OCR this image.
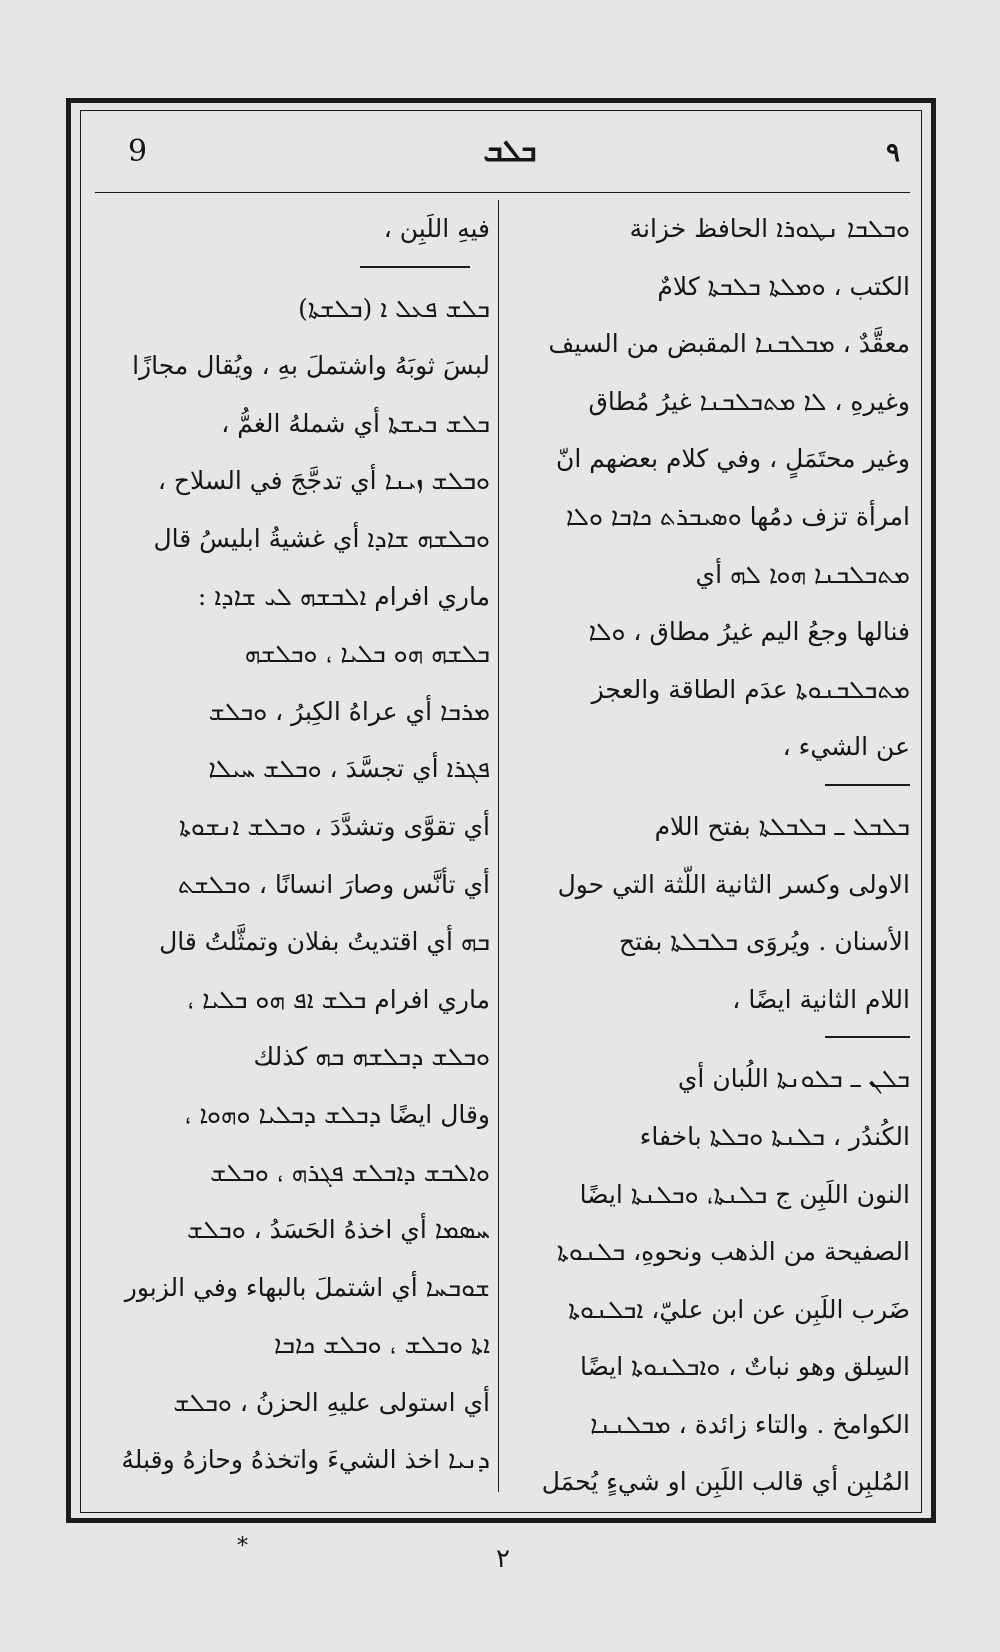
9	ܒܠܒ	٩
ܘܒܠܒܐ ܢܛܘܪܐ الحافظ خزانة
الكتب ، ܘܡܠܬܐ ܒܠܒܬܐ كلامٌ
معقَّدٌ ، ܡܒܠܒܢܐ المقبض من السيف
وغيرهِ ، ܠܐ ܡܬܒܠܒܢܐ غيرُ مُطاق
وغير محتَمَلٍ ، وفي كلام بعضهم انّ
امرأة تزف دمُها ܘܣܝܒܪܬ ܟܐܒܐ ܘܠܐ
ܡܬܒܠܒܢܐ ܗܘܐ ܠܗ أي
فنالها وجعُ اليم غيرُ مطاق ، ܘܠܐ
ܡܬܒܠܒܢܘܬܐ عدَم الطاقة والعجز
عن الشيء ،
ܒܠܒܠ ـ ܒܠܒܠܬܐ بفتح اللام
الاولى وكسر الثانية اللّثة التي حول
الأسنان . ويُروَى ܒܠܒܠܬܐ بفتح
اللام الثانية ايضًا ،
ܒܠܢ ـ ܒܠܘܢܬܐ اللُبان أي
الكُندُر ، ܒܠܢܬܐ ܘܒܠܬܐ باخفاء
النون اللَبِن ج ܒܠܢܬܐ، ܘܒܠܢܬܐ ايضًا
الصفيحة من الذهب ونحوهِ، ܒܠܢܘܬܐ
ضَرب اللَبِن عن ابن عليّ، ܐܒܠܢܘܬܐ
السِلق وهو نباتٌ ، ܘܐܒܠܢܘܬܐ ايضًا
الكوامخ . والتاء زائدة ، ܡܒܠܢܢܐ
المُلبِن أي قالب اللَبِن او شيءٍ يُحمَل
فيهِ اللَبِن ،
ܒܠܫ ܦܥܠ ܐ (ܒܠܫܬܐ)
لبسَ ثوبَهُ واشتملَ بهِ ، ويُقال مجازًا
ܒܠܫ ܒܝܫܬܐ أي شملهُ الغمُّ ،
ܘܒܠܫ ܙܝܢܐ أي تدجَّجَ في السلاح ،
ܘܒܠܫܗ ܫܐܕܐ أي غشيةُ ابليسُ قال
ماري افرام ܐܠܒܫܗ ܠܝ ܫܐܕܐ :
ܒܠܫܗ ܗܘ ܒܠܝܐ ، ܘܒܠܫܗ
ܡܪܒܐ أي عراهُ الكِبرُ ، ܘܒܠܫ
ܦܓܪܐ أي تجسَّدَ ، ܘܒܠܫ ܚܝܠܐ
أي تقوَّى وتشدَّدَ ، ܘܒܠܫ ܐܢܫܘܬܐ
أي تأنَّس وصارَ انسانًا ، ܘܒܠܫܬ
ܒܗ أي اقتديتُ بفلان وتمثَّلتُ قال
ماري افرام ܒܠܫ ܐܦ ܗܘ ܒܠܝܐ ،
ܘܒܠܫ ܕܒܠܫܗ ܒܗ كذلك
وقال ايضًا ܕܒܠܫ ܕܒܠܝܐ ܘܗܘܐ ،
ܘܐܠܒܫ ܕܐܒܠܫ ܦܓܪܗ ، ܘܒܠܫ
ܚܣܡܐ أي اخذهُ الحَسَدُ ، ܘܒܠܫ
ܫܘܒܚܐ أي اشتملَ بالبهاء وفي الزبور
ܐܬܐ ܘܒܠܫ ، ܘܒܠܫ ܟܐܒܐ
أي استولى عليهِ الحزنُ ، ܘܒܠܫ
ܕܢܝܐ اخذ الشيءَ واتخذهُ وحازهُ وقبلهُ
*	٢
